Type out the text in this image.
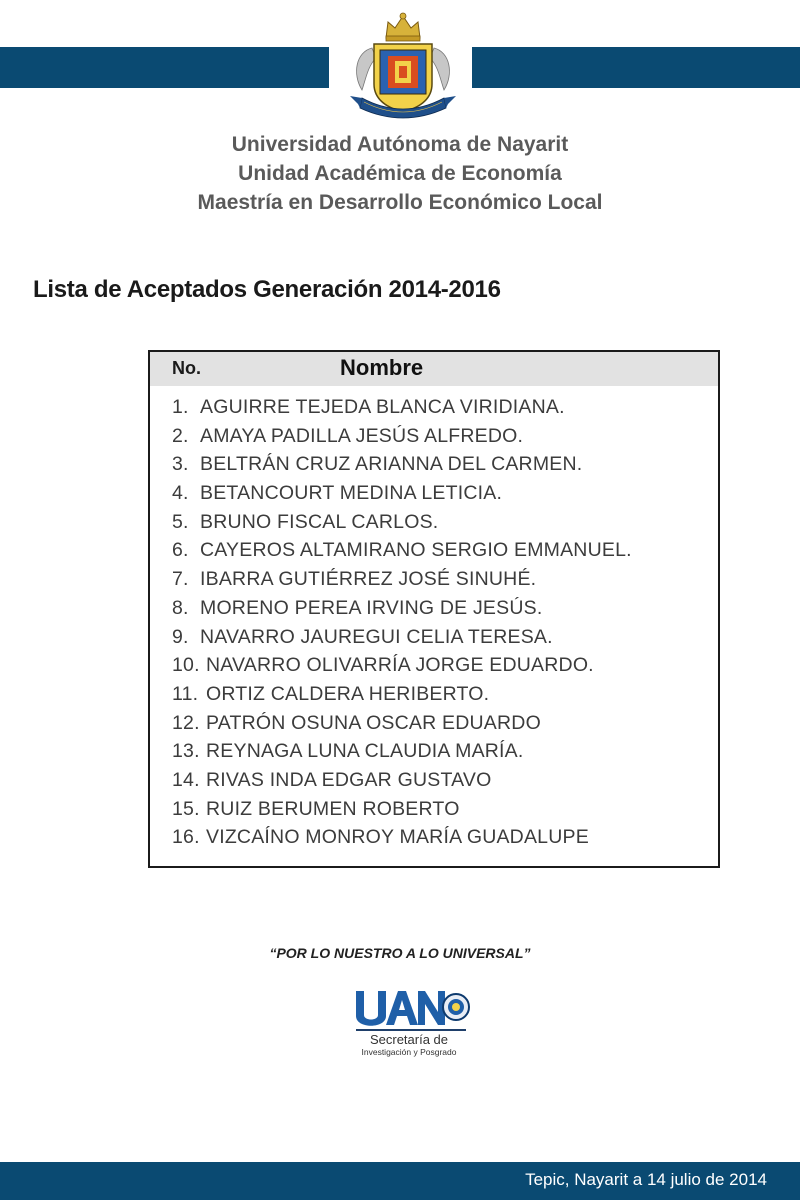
Universidad Autónoma de Nayarit
Unidad Académica de Economía
Maestría en Desarrollo Económico Local
Lista de Aceptados Generación 2014-2016
No.	Nombre
1. AGUIRRE TEJEDA BLANCA VIRIDIANA.
2. AMAYA PADILLA JESÚS ALFREDO.
3. BELTRÁN CRUZ ARIANNA DEL CARMEN.
4. BETANCOURT MEDINA LETICIA.
5. BRUNO FISCAL CARLOS.
6. CAYEROS ALTAMIRANO SERGIO EMMANUEL.
7. IBARRA GUTIÉRREZ JOSÉ SINUHÉ.
8. MORENO PEREA IRVING DE JESÚS.
9. NAVARRO JAUREGUI CELIA TERESA.
10. NAVARRO OLIVARRÍA JORGE EDUARDO.
11. ORTIZ CALDERA HERIBERTO.
12. PATRÓN OSUNA OSCAR EDUARDO
13. REYNAGA LUNA CLAUDIA MARÍA.
14. RIVAS INDA EDGAR GUSTAVO
15. RUIZ BERUMEN ROBERTO
16. VIZCAÍNO MONROY MARÍA GUADALUPE
“POR LO NUESTRO A LO UNIVERSAL”
Secretaría de
Investigación y Posgrado
Tepic, Nayarit a 14 julio de 2014
